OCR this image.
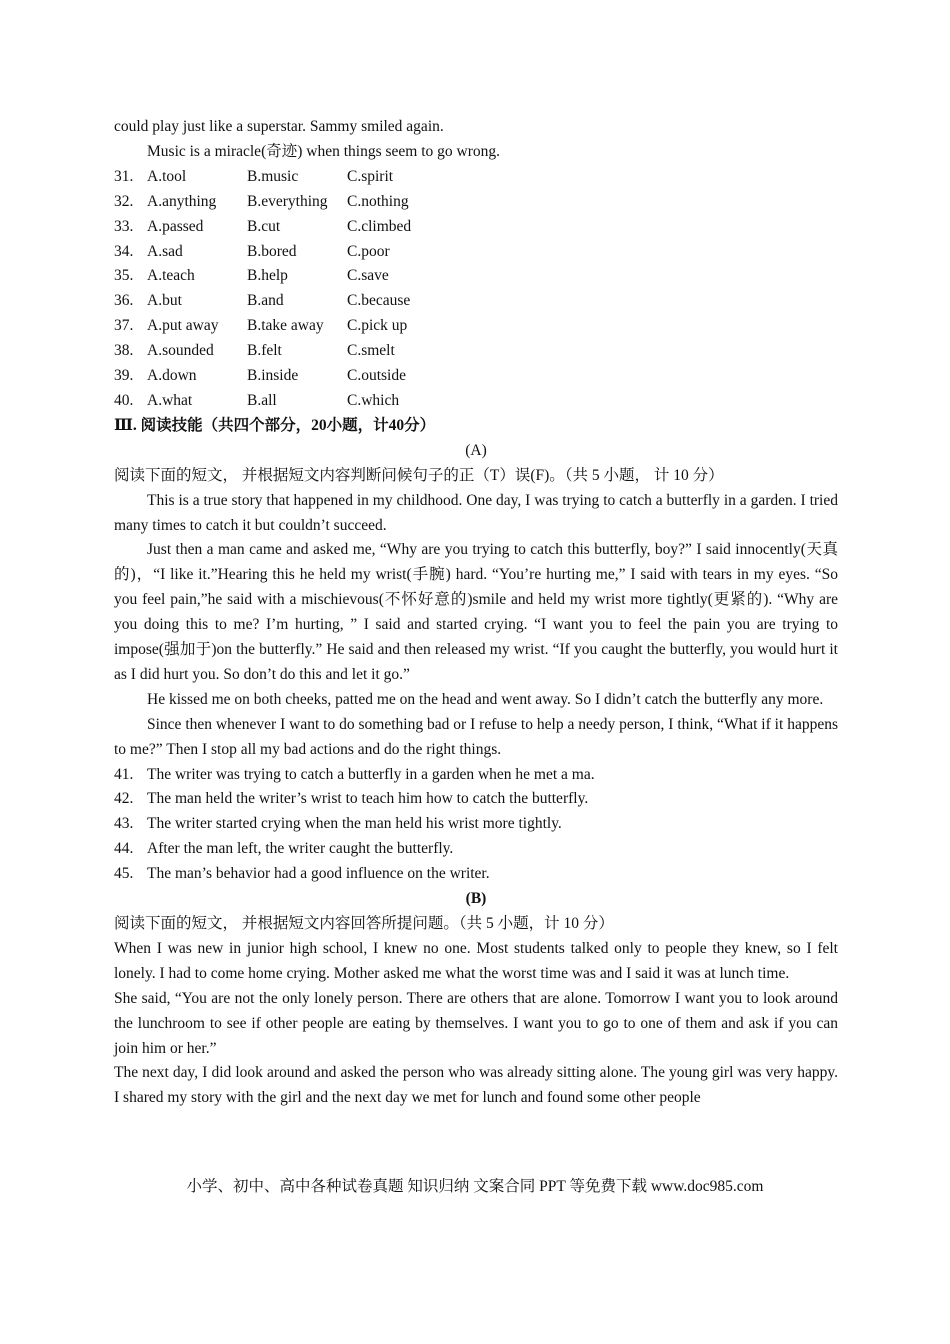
could play just like a superstar. Sammy smiled again.
Music is a miracle(奇迹) when things seem to go wrong.
31. A.tool	B.music	C.spirit
32. A.anything	B.everything	C.nothing
33. A.passed	B.cut	C.climbed
34. A.sad	B.bored	C.poor
35. A.teach	B.help	C.save
36. A.but	B.and	C.because
37. A.put away	B.take away	C.pick up
38. A.sounded	B.felt	C.smelt
39. A.down	B.inside	C.outside
40. A.what	B.all	C.which
Ⅲ. 阅读技能（共四个部分，20小题，计40分）
(A)
阅读下面的短文， 并根据短文内容判断问候句子的正（T）误(F)。（共 5 小题， 计 10 分）
This is a true story that happened in my childhood. One day, I was trying to catch a butterfly in a garden. I tried many times to catch it but couldn’t succeed.
Just then a man came and asked me, “Why are you trying to catch this butterfly, boy?” I said innocently(天真的)，“I like it.”Hearing this he held my wrist(手腕) hard. “You’re hurting me,” I said with tears in my eyes. “So you feel pain,”he said with a mischievous(不怀好意的)smile and held my wrist more tightly(更紧的). “Why are you doing this to me? I’m hurting, ” I said and started crying. “I want you to feel the pain you are trying to impose(强加于)on the butterfly.” He said and then released my wrist. “If you caught the butterfly, you would hurt it as I did hurt you. So don’t do this and let it go.”
He kissed me on both cheeks, patted me on the head and went away. So I didn’t catch the butterfly any more.
Since then whenever I want to do something bad or I refuse to help a needy person, I think, “What if it happens to me?” Then I stop all my bad actions and do the right things.
41. The writer was trying to catch a butterfly in a garden when he met a ma.
42. The man held the writer’s wrist to teach him how to catch the butterfly.
43. The writer started crying when the man held his wrist more tightly.
44. After the man left, the writer caught the butterfly.
45. The man’s behavior had a good influence on the writer.
(B)
阅读下面的短文， 并根据短文内容回答所提问题。（共 5 小题，计 10 分）
When I was new in junior high school, I knew no one. Most students talked only to people they knew, so I felt lonely. I had to come home crying. Mother asked me what the worst time was and I said it was at lunch time.
She said, “You are not the only lonely person. There are others that are alone. Tomorrow I want you to look around the lunchroom to see if other people are eating by themselves. I want you to go to one of them and ask if you can join him or her.”
The next day, I did look around and asked the person who was already sitting alone. The young girl was very happy. I shared my story with the girl and the next day we met for lunch and found some other people
小学、初中、高中各种试卷真题 知识归纳 文案合同 PPT 等免费下载 www.doc985.com
